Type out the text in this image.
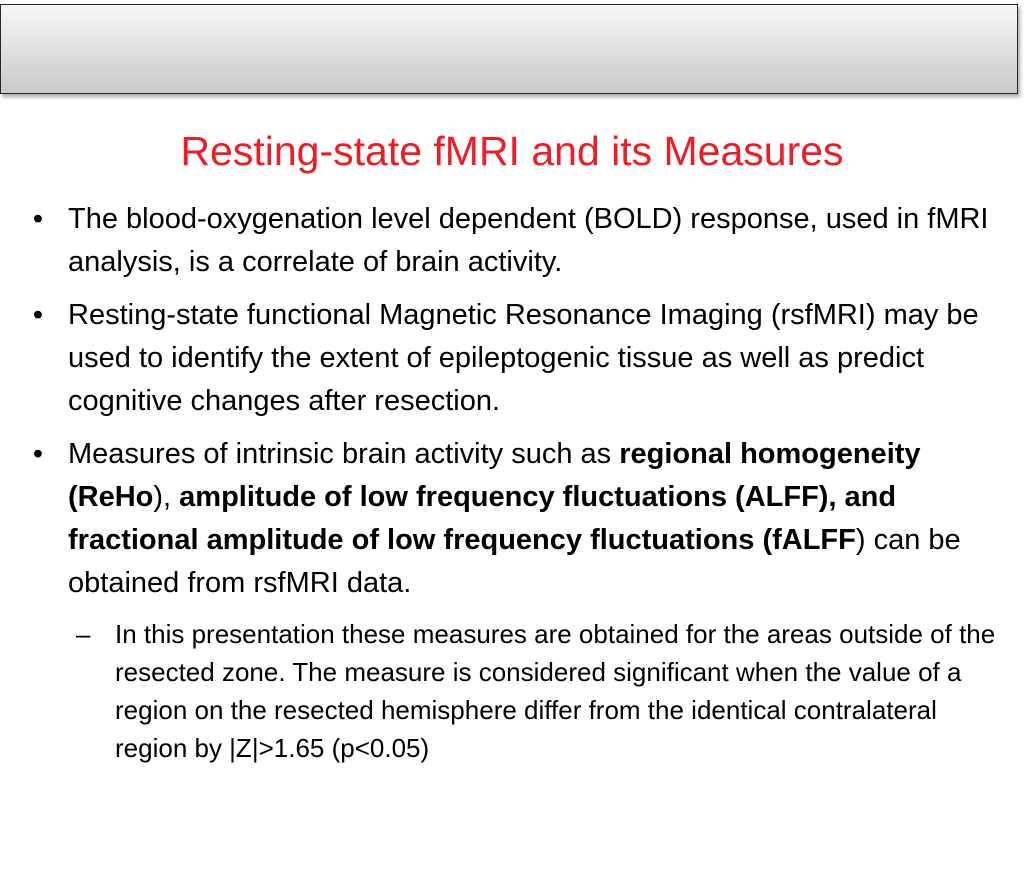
Resting-state fMRI and its Measures
• The blood-oxygenation level dependent (BOLD) response, used in fMRI analysis, is a correlate of brain activity.
• Resting-state functional Magnetic Resonance Imaging (rsfMRI) may be used to identify the extent of epileptogenic tissue as well as predict cognitive changes after resection.
• Measures of intrinsic brain activity such as regional homogeneity (ReHo), amplitude of low frequency fluctuations (ALFF), and fractional amplitude of low frequency fluctuations (fALFF) can be obtained from rsfMRI data.
– In this presentation these measures are obtained for the areas outside of the resected zone. The measure is considered significant when the value of a region on the resected hemisphere differ from the identical contralateral region by |Z|>1.65 (p<0.05)
